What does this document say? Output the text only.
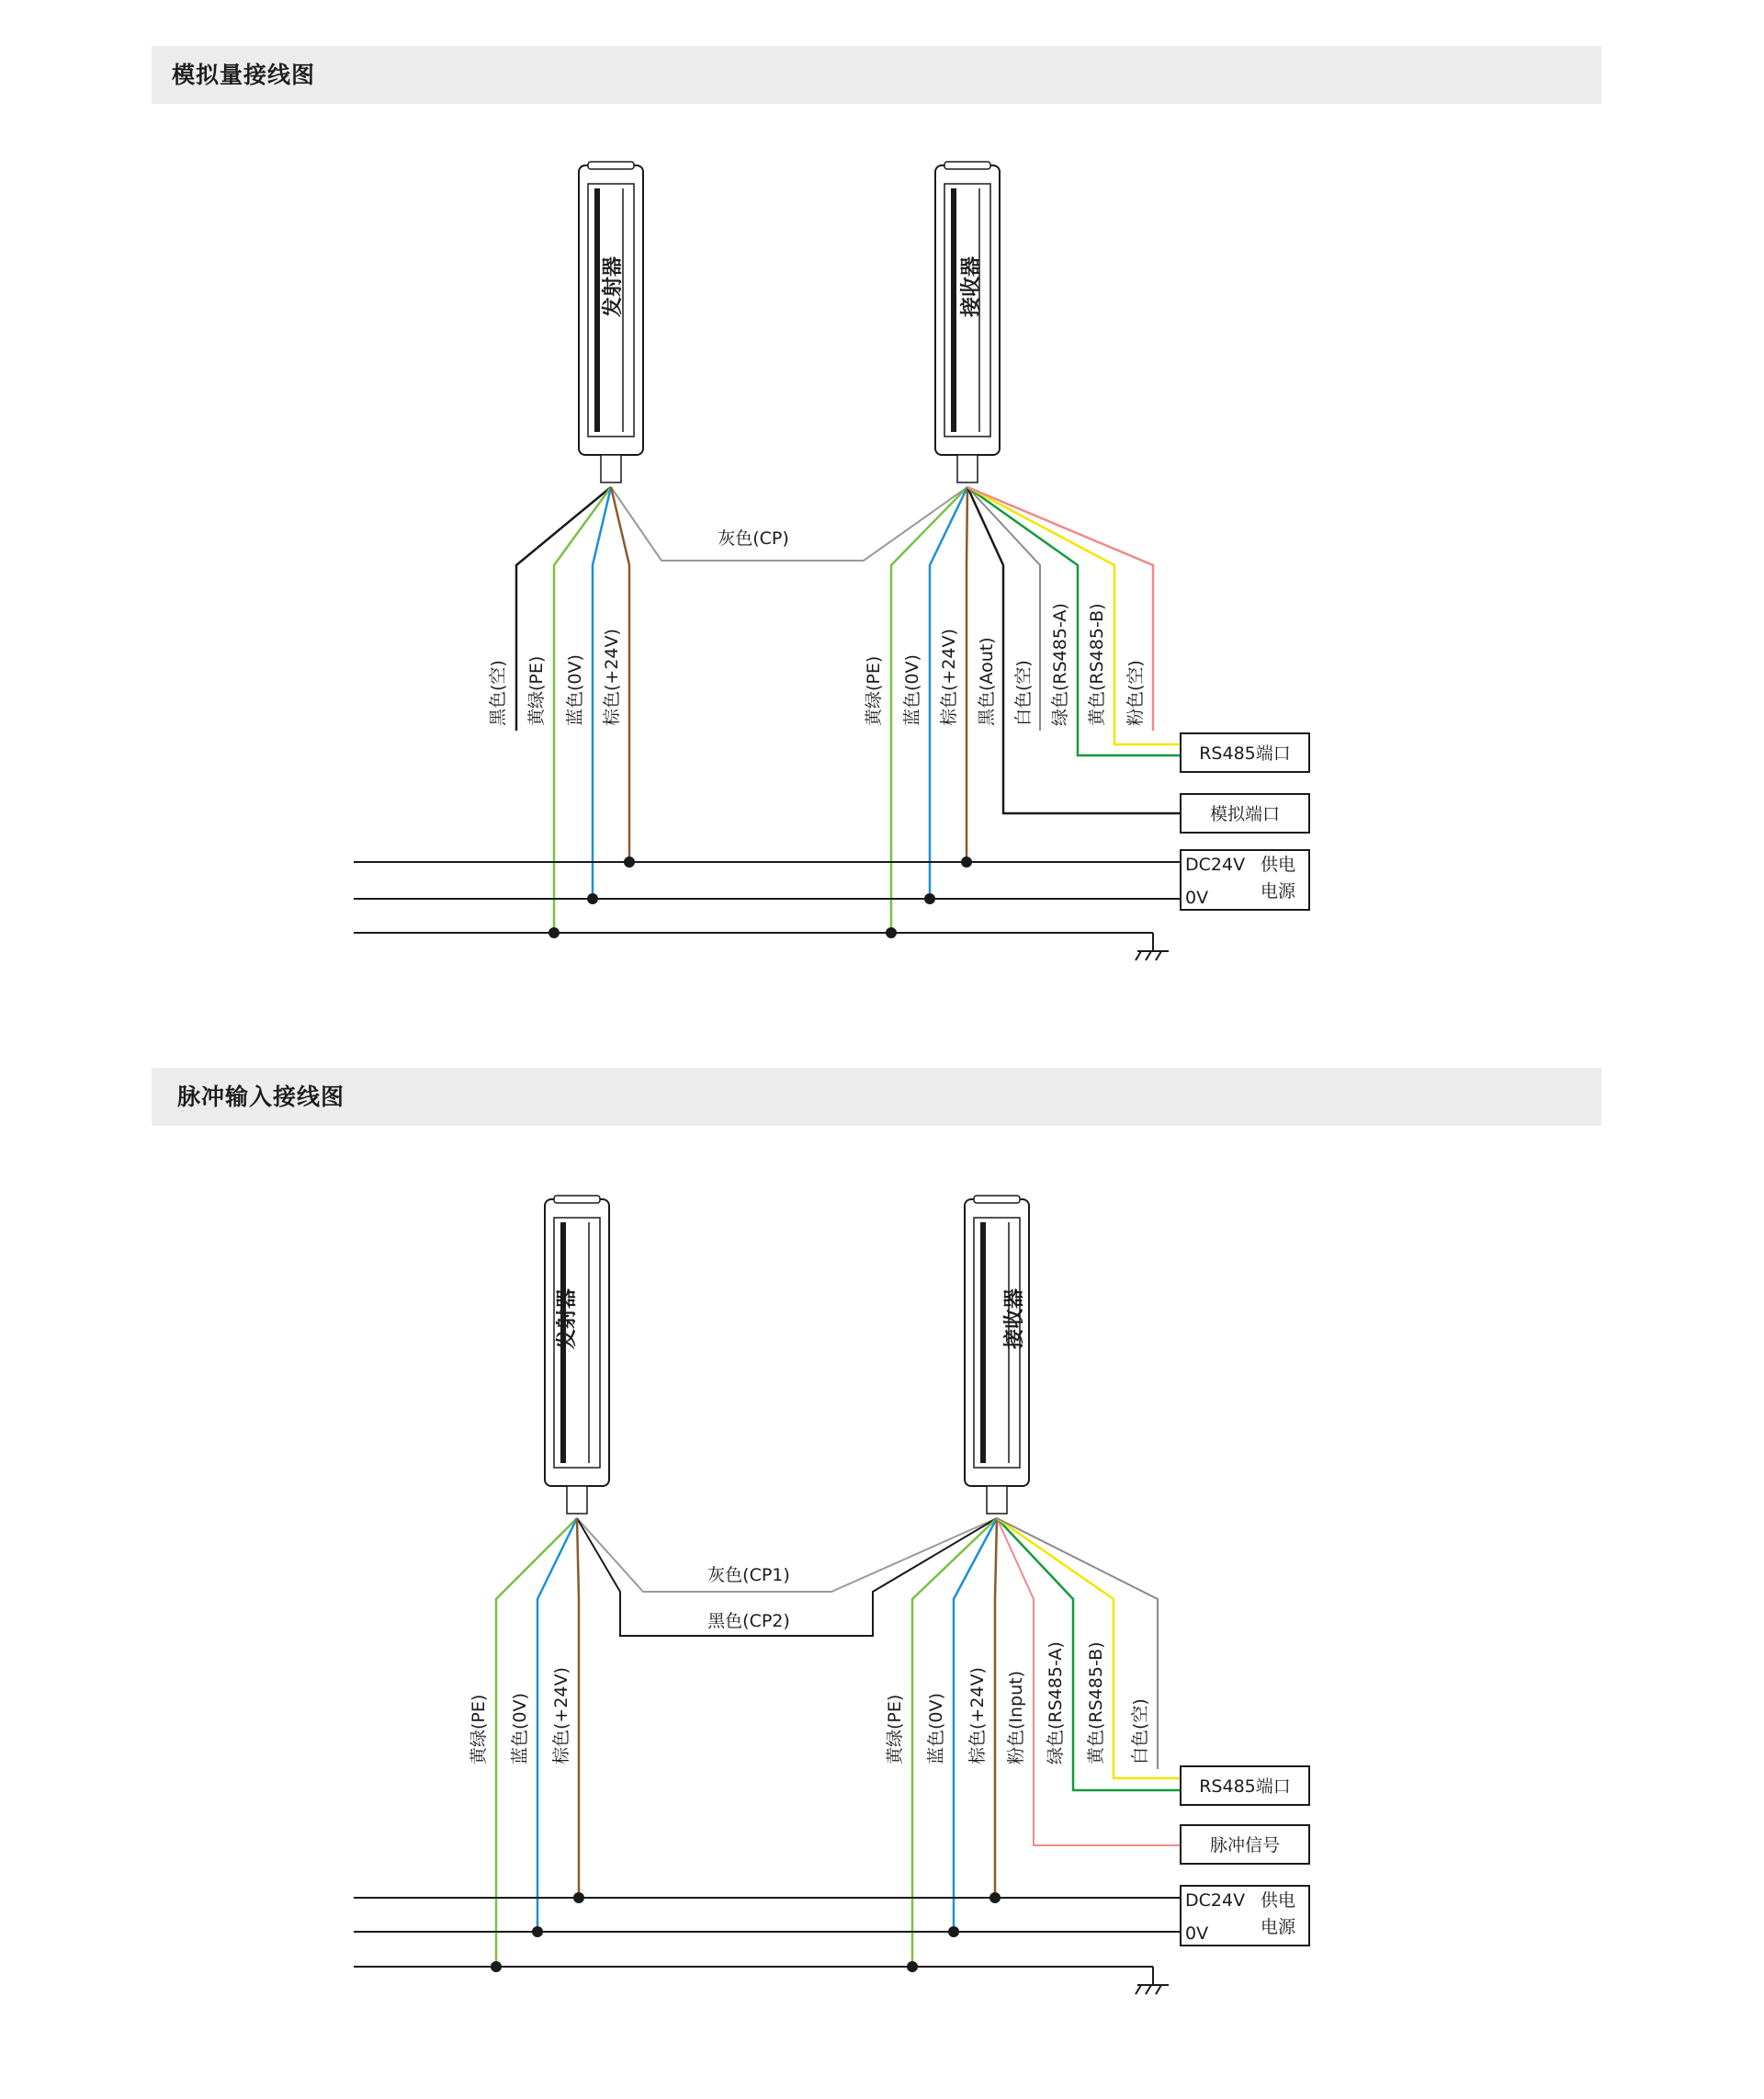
模拟量接线图
发射器	接收器
灰色(CP)
黑色(空) 黄绿(PE) 蓝色(0V) 棕色(+24V)	黄绿(PE) 蓝色(0V) 棕色(+24V) 黑色(Aout) 白色(空) 绿色(RS485-A) 黄色(RS485-B) 粉色(空)
RS485端口
模拟端口
DC24V
0V
供电
电源
脉冲输入接线图
发射器	接收器
灰色(CP1)
黑色(CP2)
黄绿(PE) 蓝色(0V) 棕色(+24V)	黄绿(PE) 蓝色(0V) 棕色(+24V) 粉色(Input) 绿色(RS485-A) 黄色(RS485-B) 白色(空)
RS485端口
脉冲信号
DC24V
0V
供电
电源
